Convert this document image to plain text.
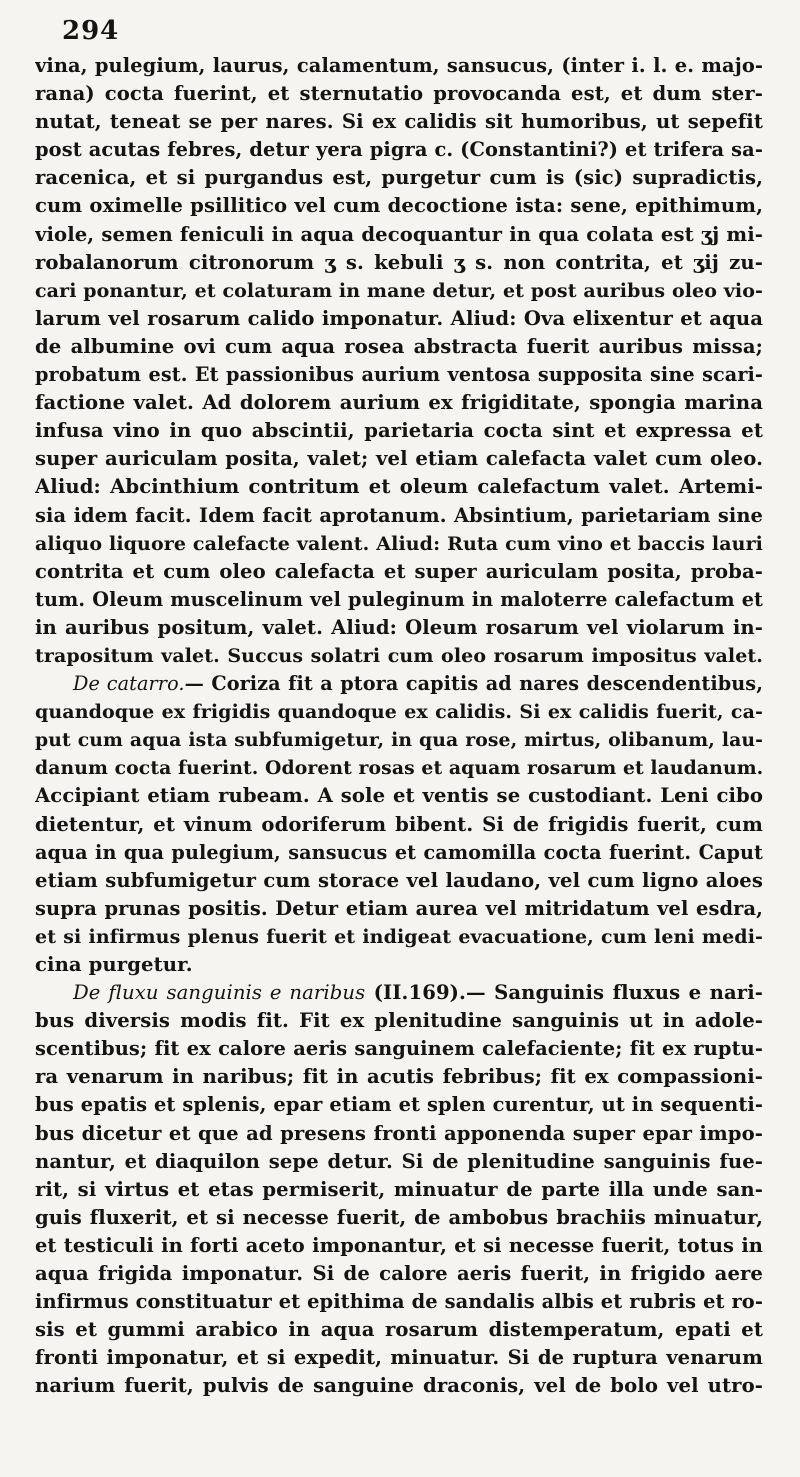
294
vina, pulegium, laurus, calamentum, sansucus, (inter i. l. e. majo-
rana) cocta fuerint, et sternutatio provocanda est, et dum ster-
nutat, teneat se per nares. Si ex calidis sit humoribus, ut sepefit
post acutas febres, detur yera pigra c. (Constantini?) et trifera sa-
racenica, et si purgandus est, purgetur cum is (sic) supradictis,
cum oximelle psillitico vel cum decoctione ista: sene, epithimum,
viole, semen feniculi in aqua decoquantur in qua colata est ʒj mi-
robalanorum citronorum ʒ s. kebuli ʒ s. non contrita, et ʒij zu-
cari ponantur, et colaturam in mane detur, et post auribus oleo vio-
larum vel rosarum calido imponatur. Aliud: Ova elixentur et aqua
de albumine ovi cum aqua rosea abstracta fuerit auribus missa;
probatum est. Et passionibus aurium ventosa supposita sine scari-
factione valet. Ad dolorem aurium ex frigiditate, spongia marina
infusa vino in quo abscintii, parietaria cocta sint et expressa et
super auriculam posita, valet; vel etiam calefacta valet cum oleo.
Aliud: Abcinthium contritum et oleum calefactum valet. Artemi-
sia idem facit. Idem facit aprotanum. Absintium, parietariam sine
aliquo liquore calefacte valent. Aliud: Ruta cum vino et baccis lauri
contrita et cum oleo calefacta et super auriculam posita, proba-
tum. Oleum muscelinum vel puleginum in maloterre calefactum et
in auribus positum, valet. Aliud: Oleum rosarum vel violarum in-
trapositum valet. Succus solatri cum oleo rosarum impositus valet.
De catarro.— Coriza fit a ptora capitis ad nares descendentibus,
quandoque ex frigidis quandoque ex calidis. Si ex calidis fuerit, ca-
put cum aqua ista subfumigetur, in qua rose, mirtus, olibanum, lau-
danum cocta fuerint. Odorent rosas et aquam rosarum et laudanum.
Accipiant etiam rubeam. A sole et ventis se custodiant. Leni cibo
dietentur, et vinum odoriferum bibent. Si de frigidis fuerit, cum
aqua in qua pulegium, sansucus et camomilla cocta fuerint. Caput
etiam subfumigetur cum storace vel laudano, vel cum ligno aloes
supra prunas positis. Detur etiam aurea vel mitridatum vel esdra,
et si infirmus plenus fuerit et indigeat evacuatione, cum leni medi-
cina purgetur.
De fluxu sanguinis e naribus (II.169).— Sanguinis fluxus e nari-
bus diversis modis fit. Fit ex plenitudine sanguinis ut in adole-
scentibus; fit ex calore aeris sanguinem calefaciente; fit ex ruptu-
ra venarum in naribus; fit in acutis febribus; fit ex compassioni-
bus epatis et splenis, epar etiam et splen curentur, ut in sequenti-
bus dicetur et que ad presens fronti apponenda super epar impo-
nantur, et diaquilon sepe detur. Si de plenitudine sanguinis fue-
rit, si virtus et etas permiserit, minuatur de parte illa unde san-
guis fluxerit, et si necesse fuerit, de ambobus brachiis minuatur,
et testiculi in forti aceto imponantur, et si necesse fuerit, totus in
aqua frigida imponatur. Si de calore aeris fuerit, in frigido aere
infirmus constituatur et epithima de sandalis albis et rubris et ro-
sis et gummi arabico in aqua rosarum distemperatum, epati et
fronti imponatur, et si expedit, minuatur. Si de ruptura venarum
narium fuerit, pulvis de sanguine draconis, vel de bolo vel utro-
